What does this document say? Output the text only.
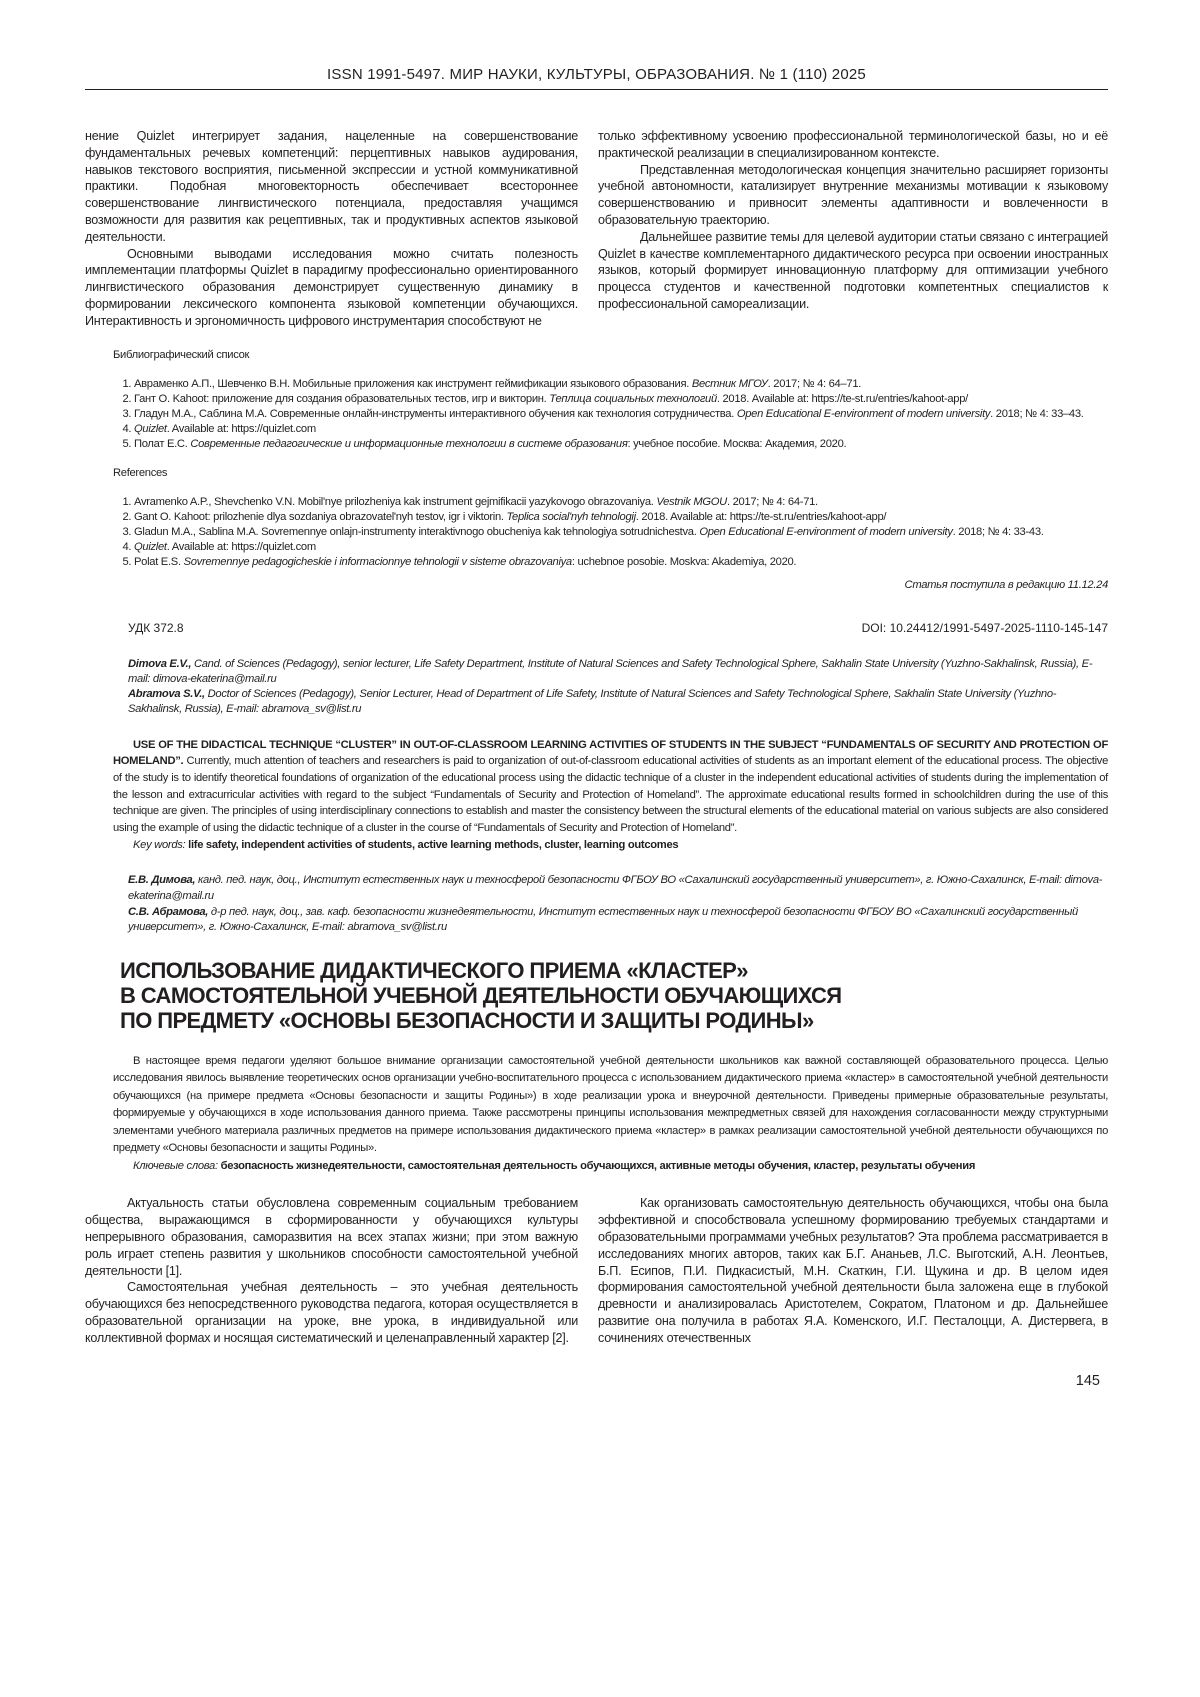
ISSN 1991-5497. МИР НАУКИ, КУЛЬТУРЫ, ОБРАЗОВАНИЯ. № 1 (110) 2025

нение Quizlet интегрирует задания, нацеленные на совершенствование фундаментальных речевых компетенций: перцептивных навыков аудирования, навыков текстового восприятия, письменной экспрессии и устной коммуникативной практики. Подобная многовекторность обеспечивает всестороннее совершенствование лингвистического потенциала, предоставляя учащимся возможности для развития как рецептивных, так и продуктивных аспектов языковой деятельности.

Основными выводами исследования можно считать полезность имплементации платформы Quizlet в парадигму профессионально ориентированного лингвистического образования демонстрирует существенную динамику в формировании лексического компонента языковой компетенции обучающихся. Интерактивность и эргономичность цифрового инструментария способствуют не

только эффективному усвоению профессиональной терминологической базы, но и её практической реализации в специализированном контексте.

Представленная методологическая концепция значительно расширяет горизонты учебной автономности, катализирует внутренние механизмы мотивации к языковому совершенствованию и привносит элементы адаптивности и вовлеченности в образовательную траекторию.

Дальнейшее развитие темы для целевой аудитории статьи связано с интеграцией Quizlet в качестве комплементарного дидактического ресурса при освоении иностранных языков, который формирует инновационную платформу для оптимизации учебного процесса студентов и качественной подготовки компетентных специалистов к профессиональной самореализации.

Библиографический список
1. Авраменко А.П., Шевченко В.Н. Мобильные приложения как инструмент геймификации языкового образования. Вестник МГОУ. 2017; № 4: 64–71.
2. Гант О. Kahoot: приложение для создания образовательных тестов, игр и викторин. Теплица социальных технологий. 2018. Available at: https://te-st.ru/entries/kahoot-app/
3. Гладун М.А., Саблина М.А. Современные онлайн-инструменты интерактивного обучения как технология сотрудничества. Open Educational E-environment of modern university. 2018; № 4: 33–43.
4. Quizlet. Available at: https://quizlet.com
5. Полат Е.С. Современные педагогические и информационные технологии в системе образования: учебное пособие. Москва: Академия, 2020.
References
1. Avramenko A.P., Shevchenko V.N. Mobil'nye prilozheniya kak instrument gejmifikacii yazykovogo obrazovaniya. Vestnik MGOU. 2017; № 4: 64-71.
2. Gant O. Kahoot: prilozhenie dlya sozdaniya obrazovatel'nyh testov, igr i viktorin. Teplica social'nyh tehnologij. 2018. Available at: https://te-st.ru/entries/kahoot-app/
3. Gladun M.A., Sablina M.A. Sovremennye onlajn-instrumenty interaktivnogo obucheniya kak tehnologiya sotrudnichestva. Open Educational E-environment of modern university. 2018; № 4: 33-43.
4. Quizlet. Available at: https://quizlet.com
5. Polat E.S. Sovremennye pedagogicheskie i informacionnye tehnologii v sisteme obrazovaniya: uchebnoe posobie. Moskva: Akademiya, 2020.
Статья поступила в редакцию 11.12.24
УДК 372.8	DOI: 10.24412/1991-5497-2025-1110-145-147
Dimova E.V., Cand. of Sciences (Pedagogy), senior lecturer, Life Safety Department, Institute of Natural Sciences and Safety Technological Sphere, Sakhalin State University (Yuzhno-Sakhalinsk, Russia), E-mail: dimova-ekaterina@mail.ru
Abramova S.V., Doctor of Sciences (Pedagogy), Senior Lecturer, Head of Department of Life Safety, Institute of Natural Sciences and Safety Technological Sphere, Sakhalin State University (Yuzhno-Sakhalinsk, Russia), E-mail: abramova_sv@list.ru
USE OF THE DIDACTICAL TECHNIQUE “CLUSTER” IN OUT-OF-CLASSROOM LEARNING ACTIVITIES OF STUDENTS IN THE SUBJECT “FUNDAMENTALS OF SECURITY AND PROTECTION OF HOMELAND”. Currently, much attention of teachers and researchers is paid to organization of out-of-classroom educational activities of students as an important element of the educational process. The objective of the study is to identify theoretical foundations of organization of the educational process using the didactic technique of a cluster in the independent educational activities of students during the implementation of the lesson and extracurricular activities with regard to the subject “Fundamentals of Security and Protection of Homeland”. The approximate educational results formed in schoolchildren during the use of this technique are given. The principles of using interdisciplinary connections to establish and master the consistency between the structural elements of the educational material on various subjects are also considered using the example of using the didactic technique of a cluster in the course of “Fundamentals of Security and Protection of Homeland”.
Key words: life safety, independent activities of students, active learning methods, cluster, learning outcomes
Е.В. Димова, канд. пед. наук, доц., Институт естественных наук и техносферой безопасности ФГБОУ ВО «Сахалинский государственный университет», г. Южно-Сахалинск, E-mail: dimova-ekaterina@mail.ru
С.В. Абрамова, д-р пед. наук, доц., зав. каф. безопасности жизнедеятельности, Институт естественных наук и техносферой безопасности ФГБОУ ВО «Сахалинский государственный университет», г. Южно-Сахалинск, E-mail: abramova_sv@list.ru
ИСПОЛЬЗОВАНИЕ ДИДАКТИЧЕСКОГО ПРИЕМА «КЛАСТЕР»
В САМОСТОЯТЕЛЬНОЙ УЧЕБНОЙ ДЕЯТЕЛЬНОСТИ ОБУЧАЮЩИХСЯ
ПО ПРЕДМЕТУ «ОСНОВЫ БЕЗОПАСНОСТИ И ЗАЩИТЫ РОДИНЫ»
В настоящее время педагоги уделяют большое внимание организации самостоятельной учебной деятельности школьников как важной составляющей образовательного процесса. Целью исследования явилось выявление теоретических основ организации учебно-воспитательного процесса с использованием дидактического приема «кластер» в самостоятельной учебной деятельности обучающихся (на примере предмета «Основы безопасности и защиты Родины») в ходе реализации урока и внеурочной деятельности. Приведены примерные образовательные результаты, формируемые у обучающихся в ходе использования данного приема. Также рассмотрены принципы использования межпредметных связей для нахождения согласованности между структурными элементами учебного материала различных предметов на примере использования дидактического приема «кластер» в рамках реализации самостоятельной учебной деятельности обучающихся по предмету «Основы безопасности и защиты Родины».
Ключевые слова: безопасность жизнедеятельности, самостоятельная деятельность обучающихся, активные методы обучения, кластер, результаты обучения

Актуальность статьи обусловлена современным социальным требованием общества, выражающимся в сформированности у обучающихся культуры непрерывного образования, саморазвития на всех этапах жизни; при этом важную роль играет степень развития у школьников способности самостоятельной учебной деятельности [1].

Самостоятельная учебная деятельность – это учебная деятельность обучающихся без непосредственного руководства педагога, которая осуществляется в образовательной организации на уроке, вне урока, в индивидуальной или коллективной формах и носящая систематический и целенаправленный характер [2].

Как организовать самостоятельную деятельность обучающихся, чтобы она была эффективной и способствовала успешному формированию требуемых стандартами и образовательными программами учебных результатов? Эта проблема рассматривается в исследованиях многих авторов, таких как Б.Г. Ананьев, Л.С. Выготский, А.Н. Леонтьев, Б.П. Есипов, П.И. Пидкасистый, М.Н. Скаткин, Г.И. Щукина и др. В целом идея формирования самостоятельной учебной деятельности была заложена еще в глубокой древности и анализировалась Аристотелем, Сократом, Платоном и др. Дальнейшее развитие она получила в работах Я.А. Коменского, И.Г. Песталоцци, А. Дистервега, в сочинениях отечественных

145
